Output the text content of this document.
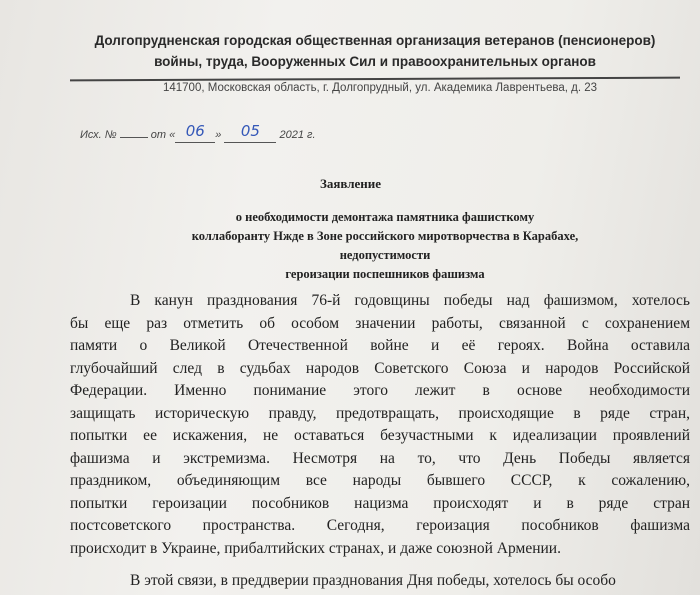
Долгопрудненская городская общественная организация ветеранов (пенсионеров)
войны, труда, Вооруженных Сил и правоохранительных органов
141700, Московская область, г. Долгопрудный, ул. Академика Лаврентьева, д. 23
Исх. №	от « 06 » 05 2021 г.
Заявление
о необходимости демонтажа памятника фашисткому
коллаборанту Нжде в Зоне российского миротворчества в Карабахе, недопустимости
героизации поспешников фашизма
В канун празднования 76-й годовщины победы над фашизмом, хотелось
бы еще раз отметить об особом значении работы, связанной с сохранением
памяти о Великой Отечественной войне и её героях. Война оставила
глубочайший след в судьбах народов Советского Союза и народов Российской
Федерации. Именно понимание этого лежит в основе необходимости
защищать историческую правду, предотвращать, происходящие в ряде стран,
попытки ее искажения, не оставаться безучастными к идеализации проявлений
фашизма и экстремизма. Несмотря на то, что День Победы является
праздником, объединяющим все народы бывшего СССР, к сожалению,
попытки героизации пособников нацизма происходят и в ряде стран
постсоветского пространства. Сегодня, героизация пособников фашизма
происходит в Украине, прибалтийских странах, и даже союзной Армении.
В этой связи, в преддверии празднования Дня победы, хотелось бы особо
